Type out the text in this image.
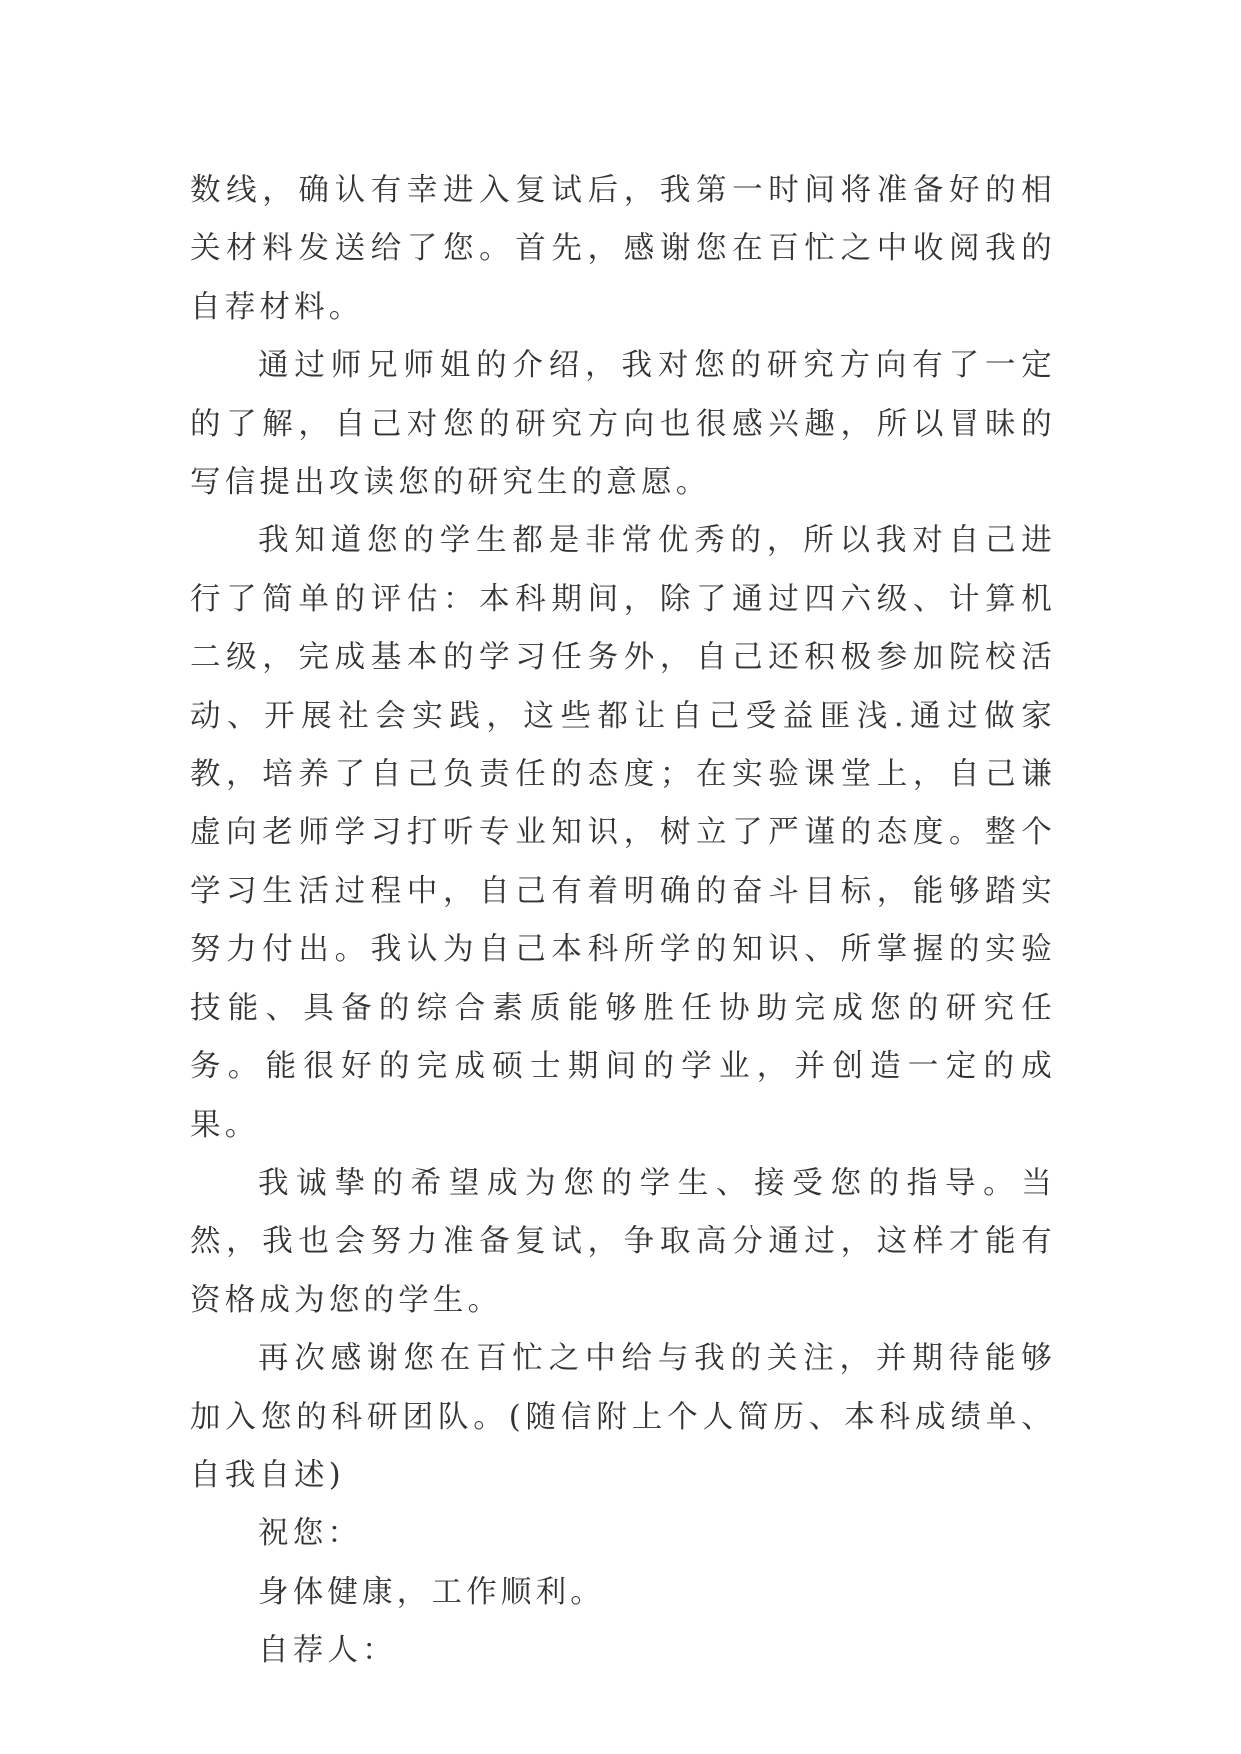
数线，确认有幸进入复试后，我第一时间将准备好的相关材料发送给了您。首先，感谢您在百忙之中收阅我的自荐材料。

通过师兄师姐的介绍，我对您的研究方向有了一定的了解，自己对您的研究方向也很感兴趣，所以冒昧的写信提出攻读您的研究生的意愿。

我知道您的学生都是非常优秀的，所以我对自己进行了简单的评估：本科期间，除了通过四六级、计算机二级，完成基本的学习任务外，自己还积极参加院校活动、开展社会实践，这些都让自己受益匪浅.通过做家教，培养了自己负责任的态度；在实验课堂上，自己谦虚向老师学习打听专业知识，树立了严谨的态度。整个学习生活过程中，自己有着明确的奋斗目标，能够踏实努力付出。我认为自己本科所学的知识、所掌握的实验技能、具备的综合素质能够胜任协助完成您的研究任务。能很好的完成硕士期间的学业，并创造一定的成果。

我诚挚的希望成为您的学生、接受您的指导。当然，我也会努力准备复试，争取高分通过，这样才能有资格成为您的学生。

再次感谢您在百忙之中给与我的关注，并期待能够加入您的科研团队。(随信附上个人简历、本科成绩单、自我自述)

祝您：

身体健康，工作顺利。

自荐人：
